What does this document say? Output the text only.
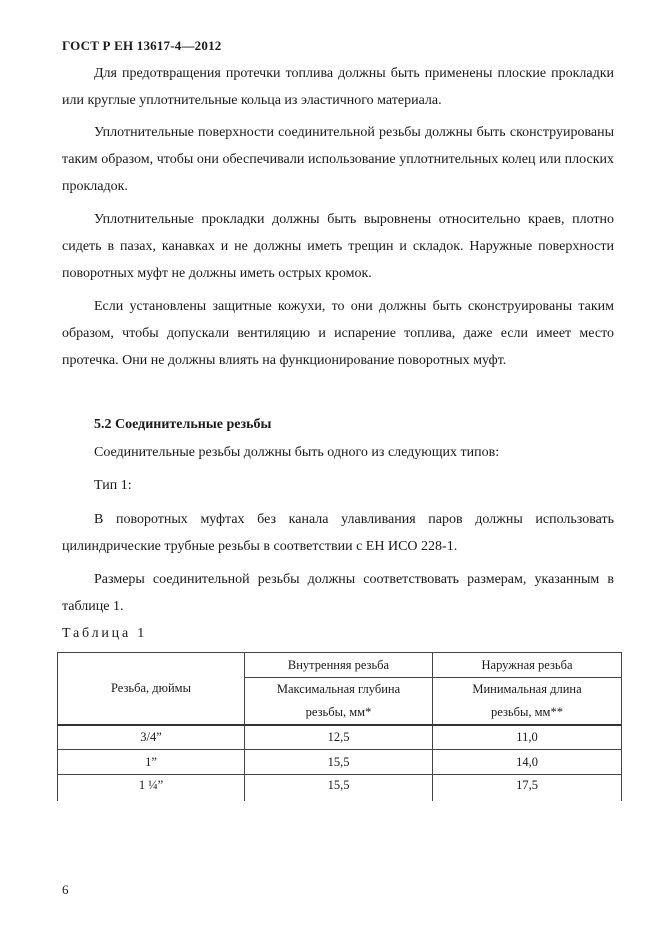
ГОСТ Р ЕН 13617-4—2012

Для предотвращения протечки топлива должны быть применены плоские прокладки или круглые уплотнительные кольца из эластичного материала.

Уплотнительные поверхности соединительной резьбы должны быть сконструированы таким образом, чтобы они обеспечивали использование уплотнительных колец или плоских прокладок.

Уплотнительные прокладки должны быть выровнены относительно краев, плотно сидеть в пазах, канавках и не должны иметь трещин и складок. Наружные поверхности поворотных муфт не должны иметь острых кромок.

Если установлены защитные кожухи, то они должны быть сконструированы таким образом, чтобы допускали вентиляцию и испарение топлива, даже если имеет место протечка. Они не должны влиять на функционирование поворотных муфт.

5.2 Соединительные резьбы

Соединительные резьбы должны быть одного из следующих типов:

Тип 1:

В поворотных муфтах без канала улавливания паров должны использовать цилиндрические трубные резьбы в соответствии с ЕН ИСО 228-1.

Размеры соединительной резьбы должны соответствовать размерам, указанным в таблице 1.

Таблица 1
Резьба, дюймы	Внутренняя резьба	Наружная резьба
	Максимальная глубина	Минимальная длина
	резьбы, мм*	резьбы, мм**
3/4”	12,5	11,0
1”	15,5	14,0
1 ¼”	15,5	17,5
6
